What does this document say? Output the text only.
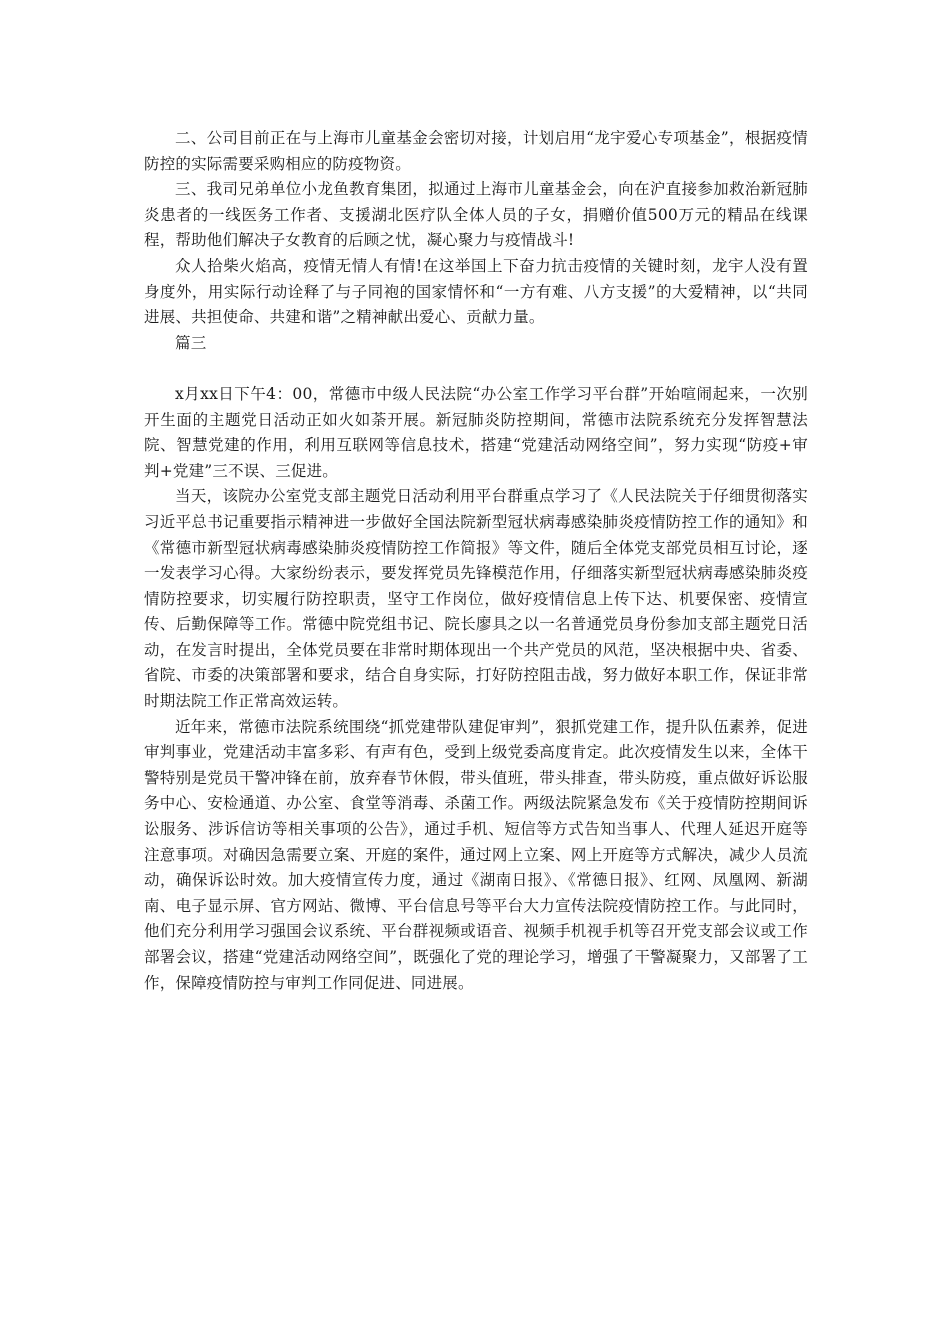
二、公司目前正在与上海市儿童基金会密切对接，计划启用“龙宇爱心专项基金”，根据疫情防控的实际需要采购相应的防疫物资。

三、我司兄弟单位小龙鱼教育集团，拟通过上海市儿童基金会，向在沪直接参加救治新冠肺炎患者的一线医务工作者、支援湖北医疗队全体人员的子女，捐赠价值500万元的精品在线课程，帮助他们解决子女教育的后顾之忧，凝心聚力与疫情战斗!

众人拾柴火焰高，疫情无情人有情!在这举国上下奋力抗击疫情的关键时刻，龙宇人没有置身度外，用实际行动诠释了与子同袍的国家情怀和“一方有难、八方支援”的大爱精神，以“共同进展、共担使命、共建和谐”之精神献出爱心、贡献力量。

篇三

x月xx日下午4：00，常德市中级人民法院“办公室工作学习平台群”开始喧闹起来，一次别开生面的主题党日活动正如火如荼开展。新冠肺炎防控期间，常德市法院系统充分发挥智慧法院、智慧党建的作用，利用互联网等信息技术，搭建“党建活动网络空间”，努力实现“防疫+审判+党建”三不误、三促进。

当天，该院办公室党支部主题党日活动利用平台群重点学习了《人民法院关于仔细贯彻落实习近平总书记重要指示精神进一步做好全国法院新型冠状病毒感染肺炎疫情防控工作的通知》和《常德市新型冠状病毒感染肺炎疫情防控工作简报》等文件，随后全体党支部党员相互讨论，逐一发表学习心得。大家纷纷表示，要发挥党员先锋模范作用，仔细落实新型冠状病毒感染肺炎疫情防控要求，切实履行防控职责，坚守工作岗位，做好疫情信息上传下达、机要保密、疫情宣传、后勤保障等工作。常德中院党组书记、院长廖具之以一名普通党员身份参加支部主题党日活动，在发言时提出，全体党员要在非常时期体现出一个共产党员的风范，坚决根据中央、省委、省院、市委的决策部署和要求，结合自身实际，打好防控阻击战，努力做好本职工作，保证非常时期法院工作正常高效运转。

近年来，常德市法院系统围绕“抓党建带队建促审判”，狠抓党建工作，提升队伍素养，促进审判事业，党建活动丰富多彩、有声有色，受到上级党委高度肯定。此次疫情发生以来，全体干警特别是党员干警冲锋在前，放弃春节休假，带头值班，带头排查，带头防疫，重点做好诉讼服务中心、安检通道、办公室、食堂等消毒、杀菌工作。两级法院紧急发布《关于疫情防控期间诉讼服务、涉诉信访等相关事项的公告》，通过手机、短信等方式告知当事人、代理人延迟开庭等注意事项。对确因急需要立案、开庭的案件，通过网上立案、网上开庭等方式解决，减少人员流动，确保诉讼时效。加大疫情宣传力度，通过《湖南日报》、《常德日报》、红网、凤凰网、新湖南、电子显示屏、官方网站、微博、平台信息号等平台大力宣传法院疫情防控工作。与此同时，他们充分利用学习强国会议系统、平台群视频或语音、视频手机视手机等召开党支部会议或工作部署会议，搭建“党建活动网络空间”，既强化了党的理论学习，增强了干警凝聚力，又部署了工作，保障疫情防控与审判工作同促进、同进展。
